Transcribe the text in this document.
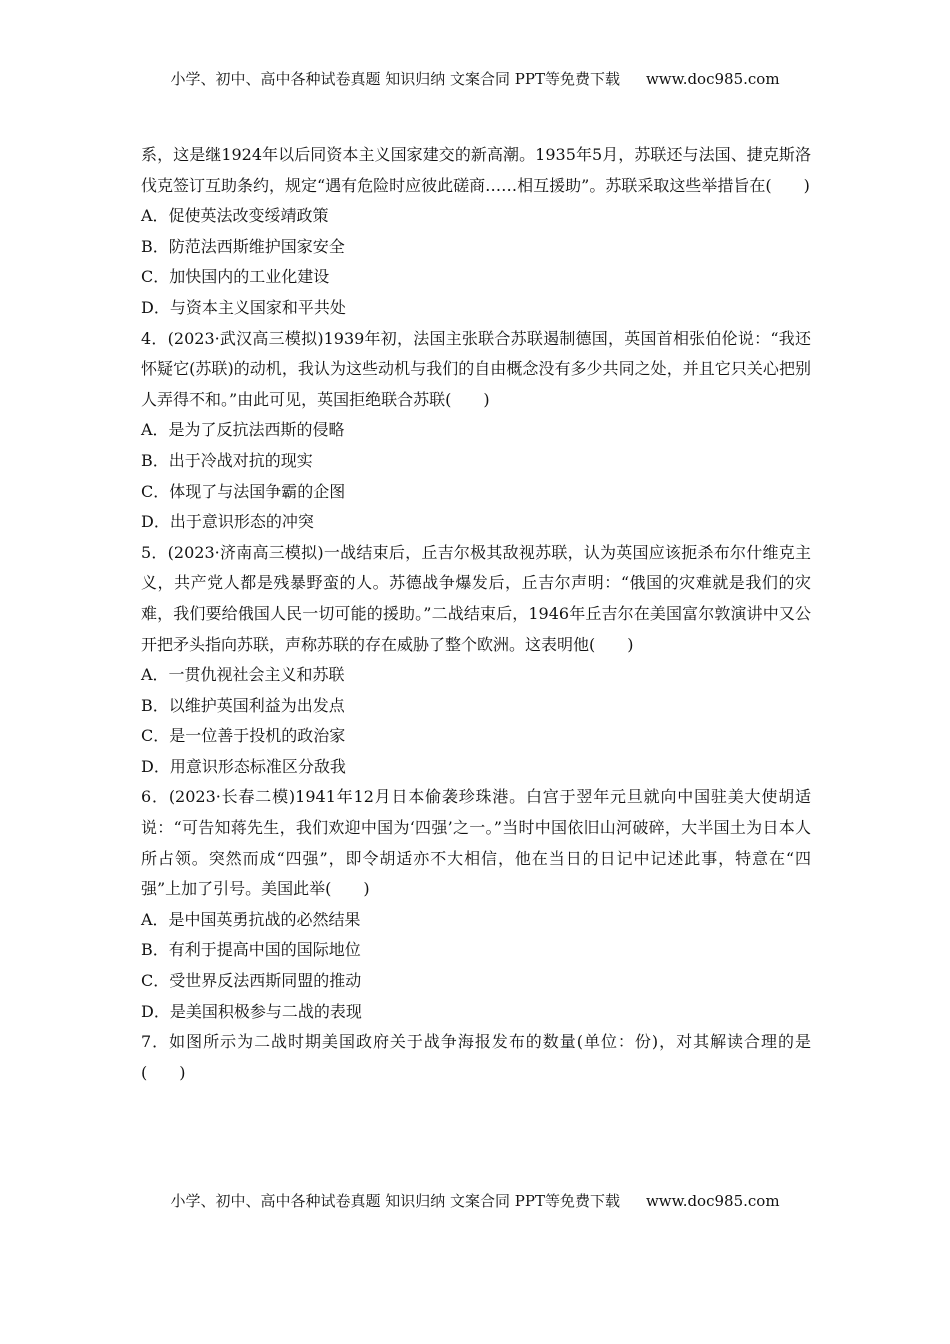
小学、初中、高中各种试卷真题 知识归纳 文案合同 PPT等免费下载 www.doc985.com

系，这是继1924年以后同资本主义国家建交的新高潮。1935年5月，苏联还与法国、捷克斯洛伐克签订互助条约，规定“遇有危险时应彼此磋商……相互援助”。苏联采取这些举措旨在(　　)

A．促使英法改变绥靖政策
B．防范法西斯维护国家安全
C．加快国内的工业化建设
D．与资本主义国家和平共处

4．(2023·武汉高三模拟)1939年初，法国主张联合苏联遏制德国，英国首相张伯伦说：“我还怀疑它(苏联)的动机，我认为这些动机与我们的自由概念没有多少共同之处，并且它只关心把别人弄得不和。”由此可见，英国拒绝联合苏联(　　)

A．是为了反抗法西斯的侵略
B．出于冷战对抗的现实
C．体现了与法国争霸的企图
D．出于意识形态的冲突

5．(2023·济南高三模拟)一战结束后，丘吉尔极其敌视苏联，认为英国应该扼杀布尔什维克主义，共产党人都是残暴野蛮的人。苏德战争爆发后，丘吉尔声明：“俄国的灾难就是我们的灾难，我们要给俄国人民一切可能的援助。”二战结束后，1946年丘吉尔在美国富尔敦演讲中又公开把矛头指向苏联，声称苏联的存在威胁了整个欧洲。这表明他(　　)

A．一贯仇视社会主义和苏联
B．以维护英国利益为出发点
C．是一位善于投机的政治家
D．用意识形态标准区分敌我

6．(2023·长春二模)1941年12月日本偷袭珍珠港。白宫于翌年元旦就向中国驻美大使胡适说：“可告知蒋先生，我们欢迎中国为‘四强’之一。”当时中国依旧山河破碎，大半国土为日本人所占领。突然而成“四强”，即令胡适亦不大相信，他在当日的日记中记述此事，特意在“四强”上加了引号。美国此举(　　)

A．是中国英勇抗战的必然结果
B．有利于提高中国的国际地位
C．受世界反法西斯同盟的推动
D．是美国积极参与二战的表现

7．如图所示为二战时期美国政府关于战争海报发布的数量(单位：份)，对其解读合理的是(　　)

小学、初中、高中各种试卷真题 知识归纳 文案合同 PPT等免费下载 www.doc985.com
